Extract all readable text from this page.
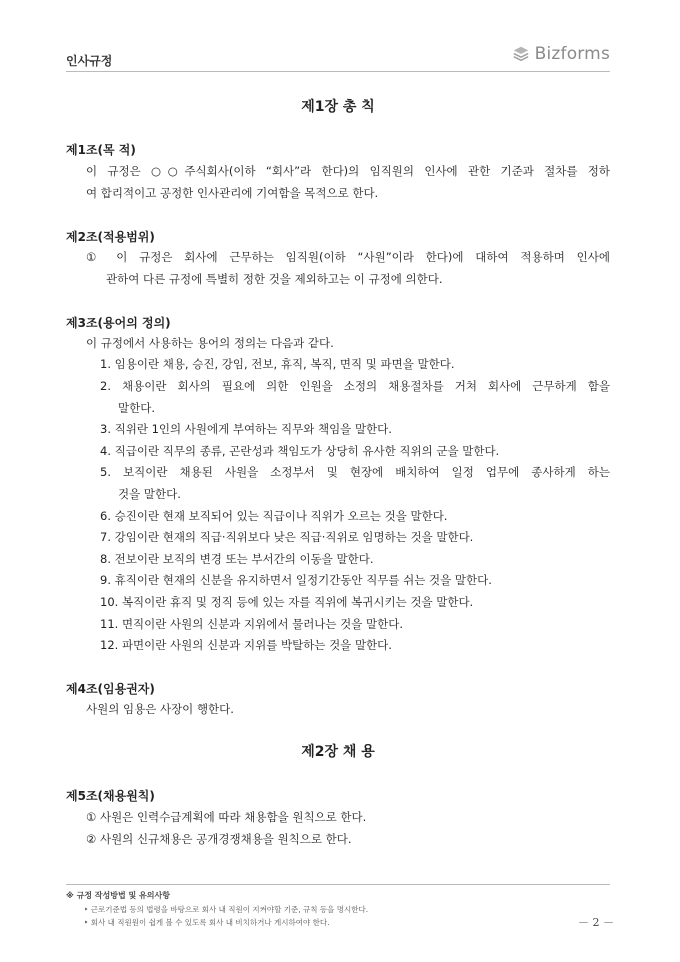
인사규정	Bizforms
제1장 총 칙
제1조(목 적)
이 규정은 ○○주식회사(이하 “회사”라 한다)의 임직원의 인사에 관한 기준과 절차를 정하
여 합리적이고 공정한 인사관리에 기여함을 목적으로 한다.
제2조(적용범위)
① 이 규정은 회사에 근무하는 임직원(이하 “사원”이라 한다)에 대하여 적용하며 인사에
관하여 다른 규정에 특별히 정한 것을 제외하고는 이 규정에 의한다.
제3조(용어의 정의)
이 규정에서 사용하는 용어의 정의는 다음과 같다.
1. 임용이란 채용, 승진, 강임, 전보, 휴직, 복직, 면직 및 파면을 말한다.
2. 채용이란 회사의 필요에 의한 인원을 소정의 채용절차를 거쳐 회사에 근무하게 함을
말한다.
3. 직위란 1인의 사원에게 부여하는 직무와 책임을 말한다.
4. 직급이란 직무의 종류, 곤란성과 책임도가 상당히 유사한 직위의 군을 말한다.
5. 보직이란 채용된 사원을 소정부서 및 현장에 배치하여 일정 업무에 종사하게 하는
것을 말한다.
6. 승진이란 현재 보직되어 있는 직급이나 직위가 오르는 것을 말한다.
7. 강임이란 현재의 직급·직위보다 낮은 직급·직위로 임명하는 것을 말한다.
8. 전보이란 보직의 변경 또는 부서간의 이동을 말한다.
9. 휴직이란 현재의 신분을 유지하면서 일정기간동안 직무를 쉬는 것을 말한다.
10. 복직이란 휴직 및 정직 등에 있는 자를 직위에 복귀시키는 것을 말한다.
11. 면직이란 사원의 신분과 지위에서 물러나는 것을 말한다.
12. 파면이란 사원의 신분과 지위를 박탈하는 것을 말한다.
제4조(임용권자)
사원의 임용은 사장이 행한다.
제2장 채 용
제5조(채용원칙)
① 사원은 인력수급계획에 따라 채용함을 원칙으로 한다.
② 사원의 신규채용은 공개경쟁채용을 원칙으로 한다.
※ 규정 작성방법 및 유의사항
‣ 근로기준법 등의 법령을 바탕으로 회사 내 직원이 지켜야할 기준, 규칙 등을 명시한다.
‣ 회사 내 직원원이 쉽게 볼 수 있도록 회사 내 비치하거나 게시하여야 한다.	－ 2 －
